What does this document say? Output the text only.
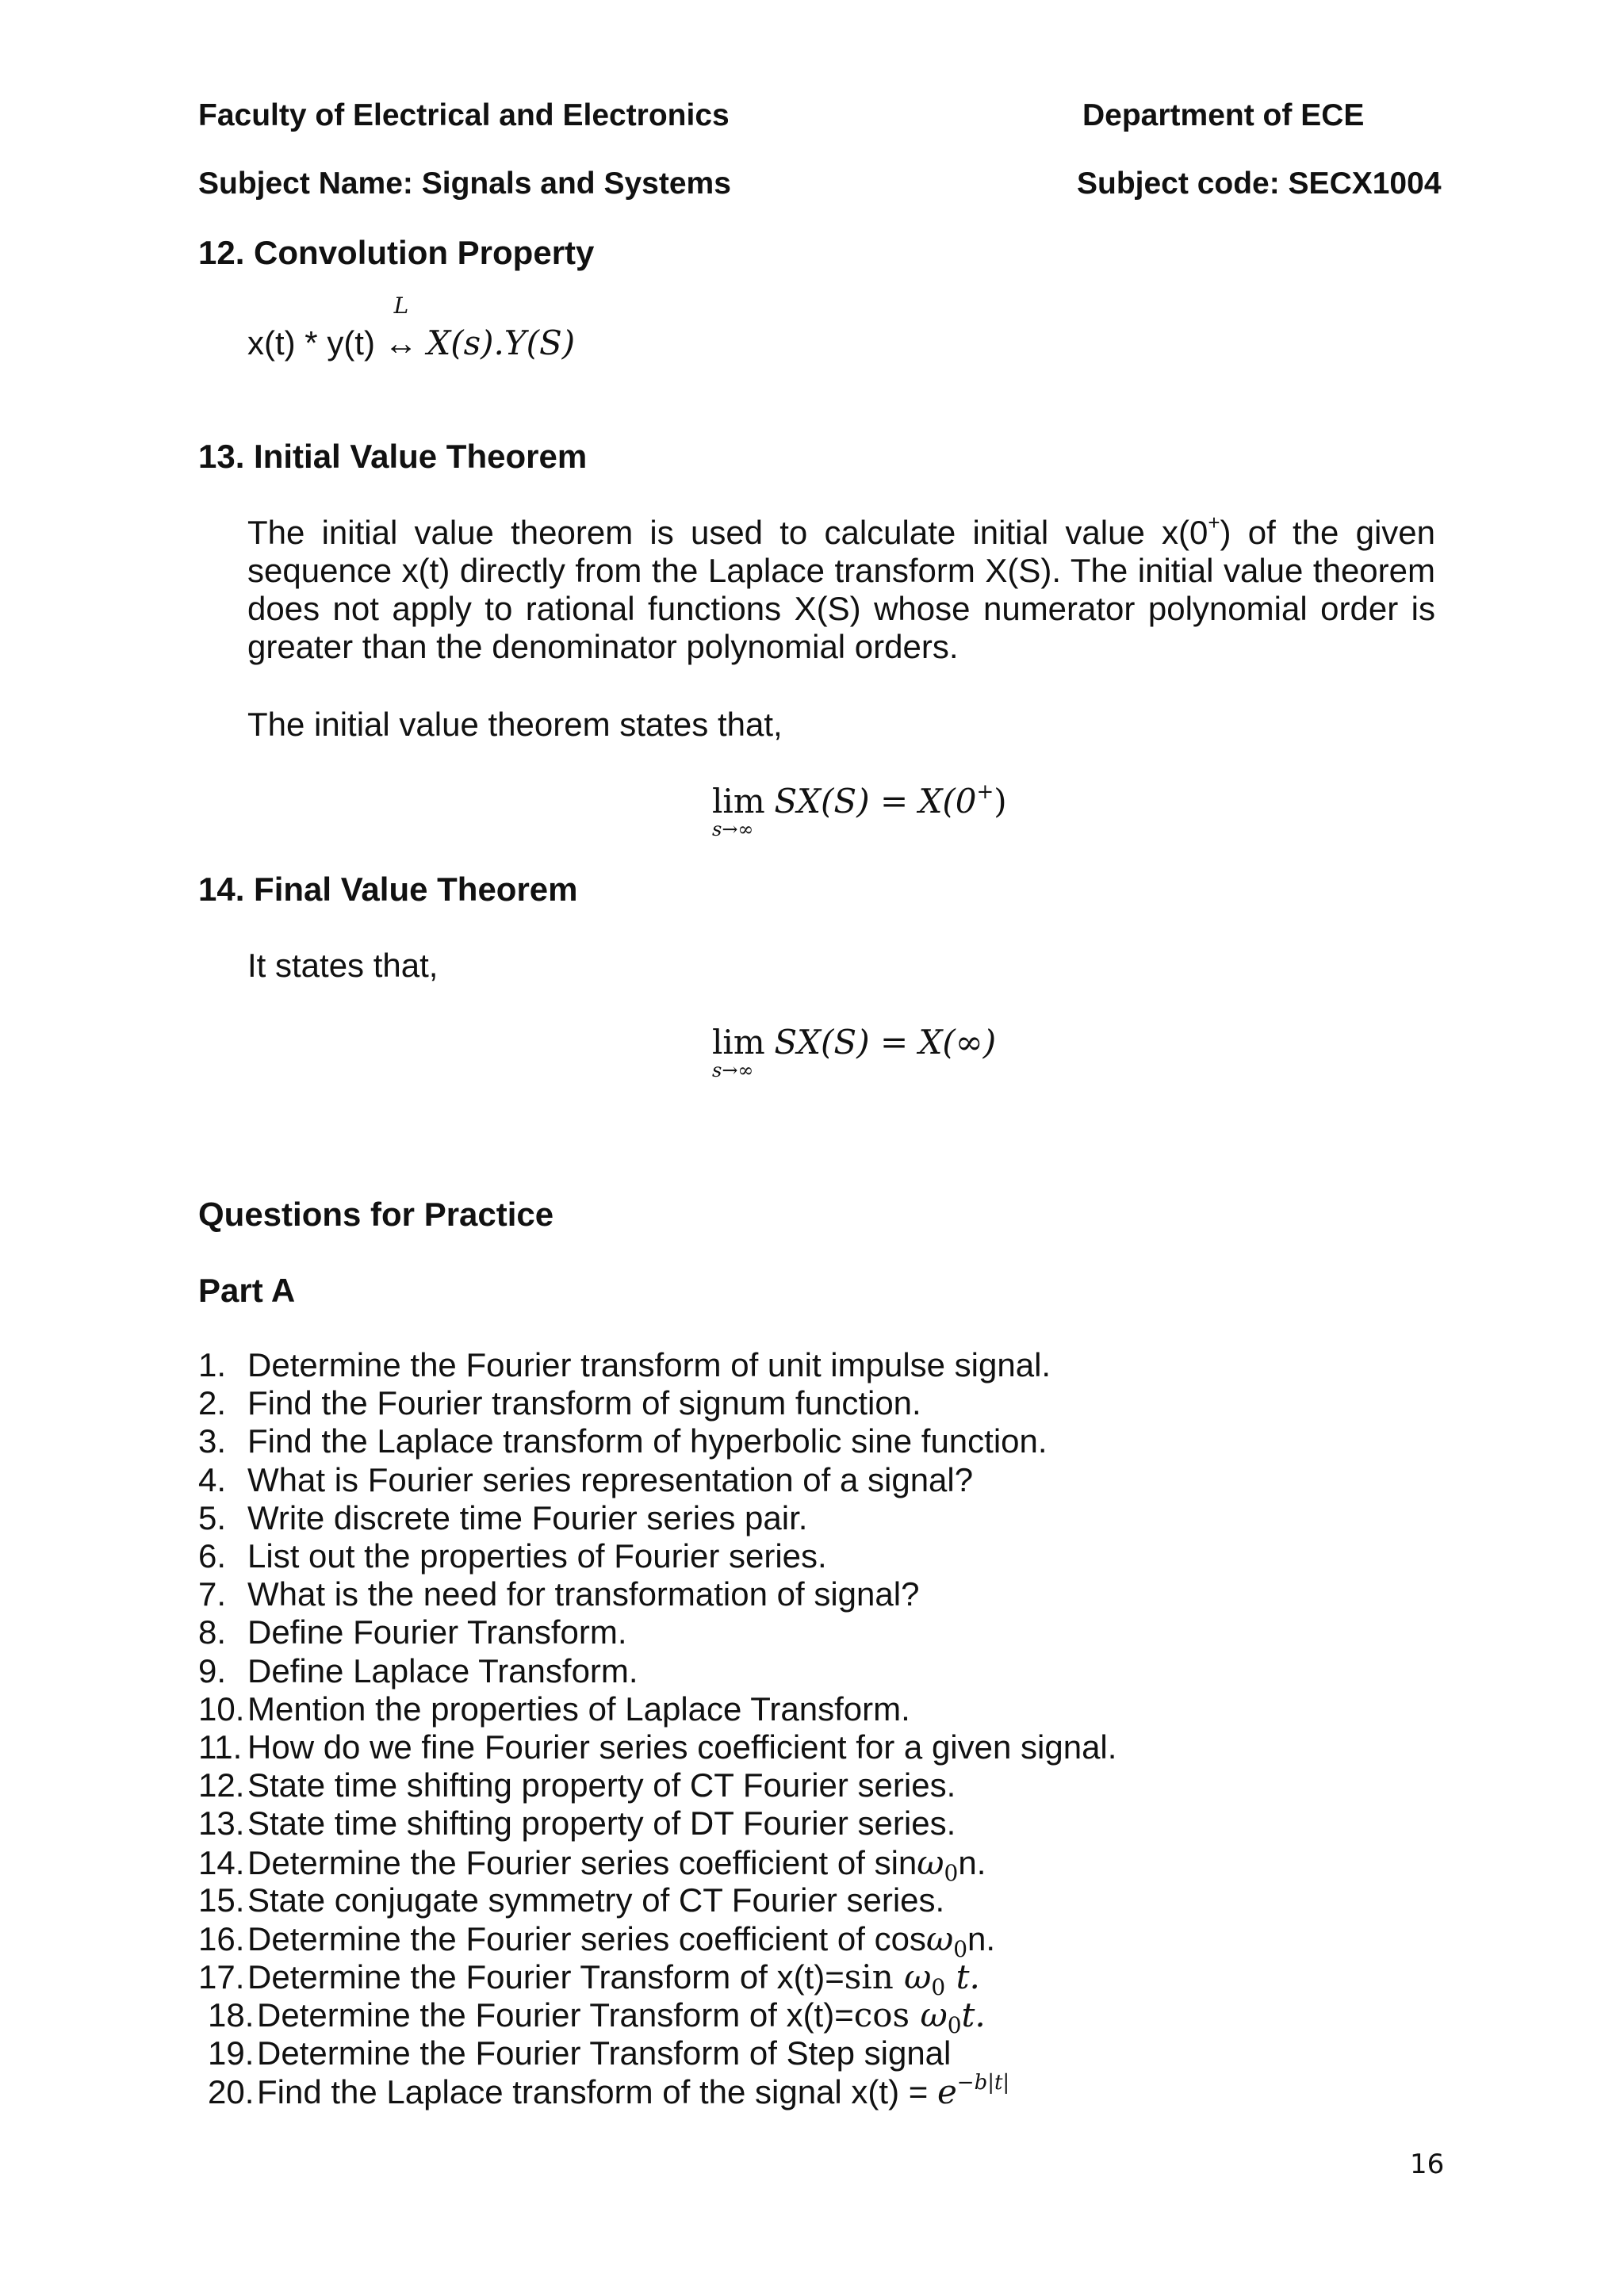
Faculty of Electrical and Electronics	Department of ECE
Subject Name: Signals and Systems	Subject code: SECX1004
12. Convolution Property
x(t) * y(t)
L
↔ X(s).Y(S)
13. Initial Value Theorem
The initial value theorem is used to calculate initial value x(0+) of the given sequence x(t) directly from the Laplace transform X(S). The initial value theorem does not apply to rational functions X(S) whose numerator polynomial order is greater than the denominator polynomial orders.
The initial value theorem states that,
lim
s→∞
SX(S) = X(0+)
14. Final Value Theorem
It states that,
lim
s→∞
SX(S) = X(∞)
Questions for Practice
Part A
1. Determine the Fourier transform of unit impulse signal.
2. Find the Fourier transform of signum function.
3. Find the Laplace transform of hyperbolic sine function.
4. What is Fourier series representation of a signal?
5. Write discrete time Fourier series pair.
6. List out the properties of Fourier series.
7. What is the need for transformation of signal?
8. Define Fourier Transform.
9. Define Laplace Transform.
10.Mention the properties of Laplace Transform.
11. How do we fine Fourier series coefficient for a given signal.
12.State time shifting property of CT Fourier series.
13.State time shifting property of DT Fourier series.
14.Determine the Fourier series coefficient of sinω0n.
15.State conjugate symmetry of CT Fourier series.
16.Determine the Fourier series coefficient of cosω0n.
17.Determine the Fourier Transform of x(t)=sin ω0 t.
18.Determine the Fourier Transform of x(t)=cos ω0t.
19.Determine the Fourier Transform of Step signal
20.Find the Laplace transform of the signal $x(t) = e^{-b|t|}$
16
